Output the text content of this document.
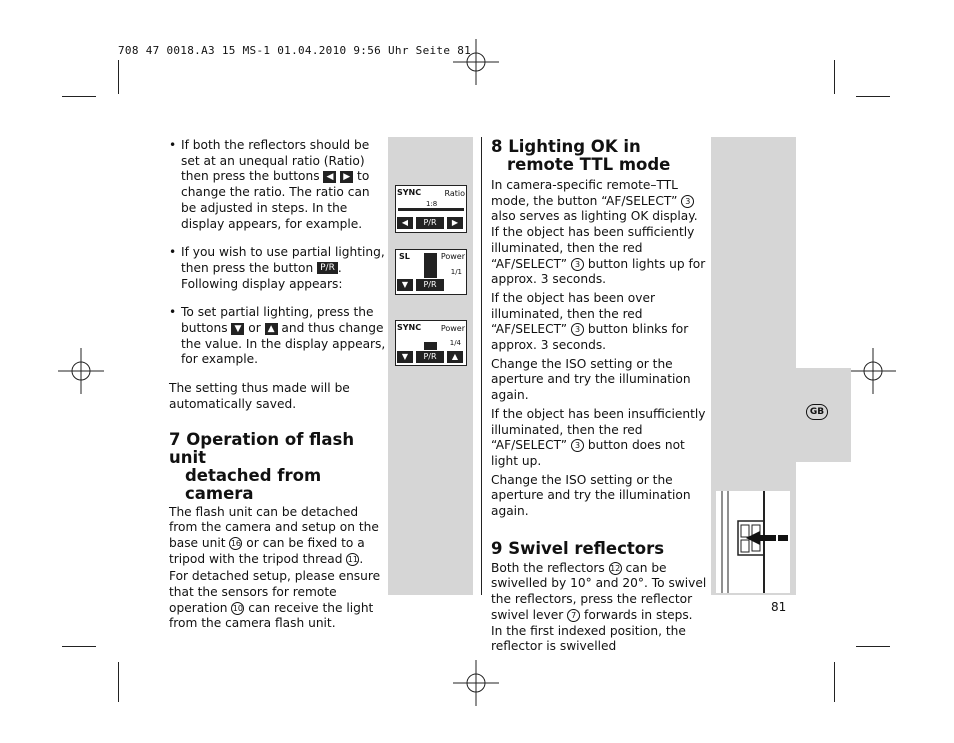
708 47 0018.A3 15 MS-1 01.04.2010 9:56 Uhr Seite 81
GB

• If both the reflectors should be set at an unequal ratio (Ratio) then press the buttons ◀ ▶ to change the ratio. The ratio can be adjusted in steps. In the display appears, for example.

• If you wish to use partial lighting, then press the button P/R . Following display appears:

• To set partial lighting, press the buttons ▼ or ▲ and thus change the value. In the display appears, for example.

The setting thus made will be automatically saved.

7 Operation of flash unit
detached from camera

The flash unit can be detached from the camera and setup on the base unit 16 or can be fixed to a tripod with the tripod thread 11.

For detached setup, please ensure that the sensors for remote operation 10 can receive the light from the camera flash unit.

SYNC	Ratio
1:8
◀	P/R	▶
SL	Power
1/1
▼	P/R
SYNC Power
1/4
▼	P/R	▲
8 Lighting OK in
remote TTL mode

In camera-specific remote–TTL mode, the button “AF/SELECT” 3 also serves as lighting OK display. If the object has been sufficiently illuminated, then the red “AF/SELECT” 3 button lights up for approx. 3 seconds.

If the object has been over illuminated, then the red “AF/SELECT” 3 button blinks for approx. 3 seconds.

Change the ISO setting or the aperture and try the illumination again.

If the object has been insufficiently illuminated, then the red “AF/SELECT” 3 button does not light up.

Change the ISO setting or the aperture and try the illumination again.

9 Swivel reflectors

Both the reflectors 12 can be swivelled by 10° and 20°. To swivel the reflectors, press the reflector swivel lever 7 forwards in steps. In the first indexed position, the reflector is swivelled

81
